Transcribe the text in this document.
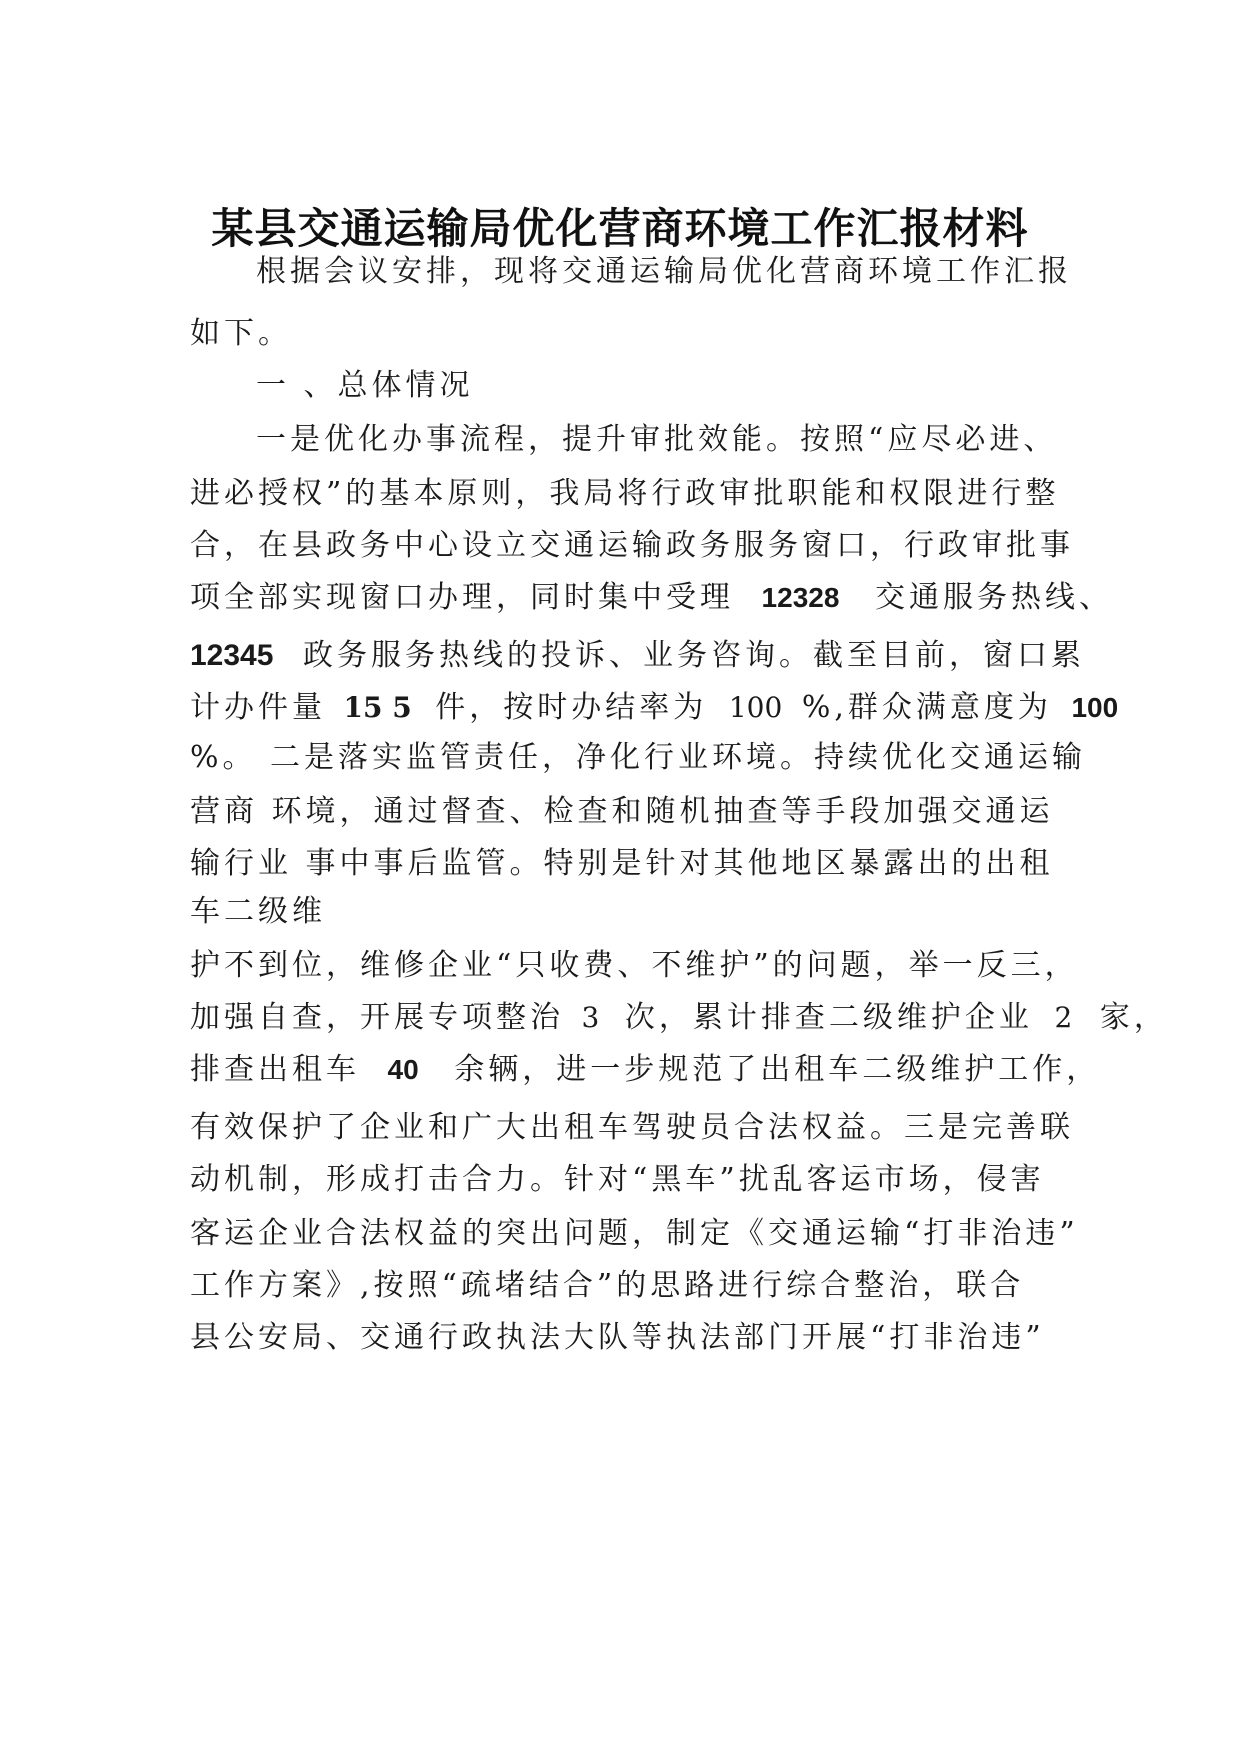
某县交通运输局优化营商环境工作汇报材料
根据会议安排，现将交通运输局优化营商环境工作汇报
如下。
一 、总体情况
一是优化办事流程，提升审批效能。按照“应尽必进、
进必授权”的基本原则，我局将行政审批职能和权限进行整
合，在县政务中心设立交通运输政务服务窗口，行政审批事
项全部实现窗口办理，同时集中受理 12328 交通服务热线、
12345 政务服务热线的投诉、业务咨询。截至目前，窗口累
计办件量 15 5 件，按时办结率为 100 %,群众满意度为 100
%。 二是落实监管责任，净化行业环境。持续优化交通运输
营商 环境，通过督查、检查和随机抽查等手段加强交通运
输行业 事中事后监管。特别是针对其他地区暴露出的出租
车二级维
护不到位，维修企业“只收费、不维护”的问题，举一反三，
加强自查，开展专项整治 3 次，累计排查二级维护企业 2 家，
排查出租车 40 余辆，进一步规范了出租车二级维护工作，
有效保护了企业和广大出租车驾驶员合法权益。三是完善联
动机制，形成打击合力。针对“黑车”扰乱客运市场，侵害
客运企业合法权益的突出问题，制定《交通运输“打非治违”
工作方案》,按照“疏堵结合”的思路进行综合整治，联合
县公安局、交通行政执法大队等执法部门开展“打非治违”
